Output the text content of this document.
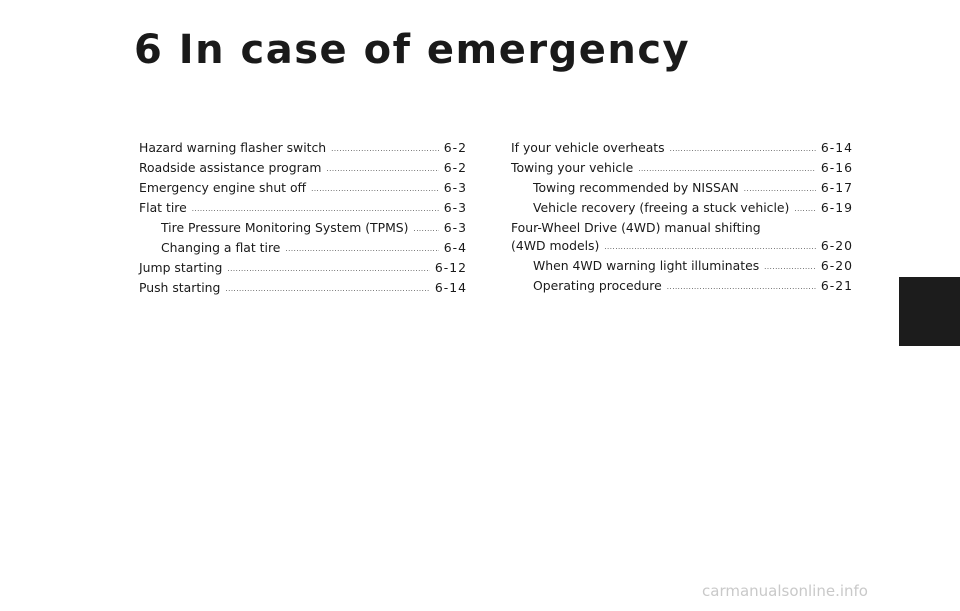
6 In case of emergency
Hazard warning flasher switch .....	6-2
Roadside assistance program .....	6-2
Emergency engine shut off .....	6-3
Flat tire .....	6-3
Tire Pressure Monitoring System (TPMS) .....	6-3
Changing a flat tire .....	6-4
Jump starting .....	6-12
Push starting .....	6-14
If your vehicle overheats .....	6-14
Towing your vehicle .....	6-16
Towing recommended by NISSAN .....	6-17
Vehicle recovery (freeing a stuck vehicle) .....	6-19
Four-Wheel Drive (4WD) manual shifting
(4WD models) .....	6-20
When 4WD warning light illuminates .....	6-20
Operating procedure .....	6-21
carmanualsonline.info
